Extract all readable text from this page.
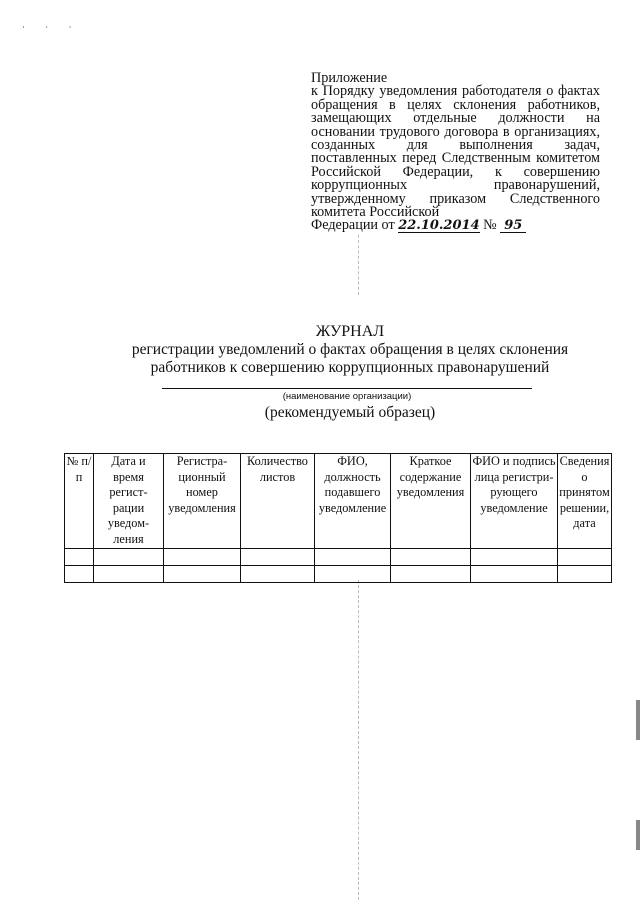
· · ·
Приложение
к Порядку уведомления работодателя о фактах обращения в целях склонения работников, замещающих отдельные должности на основании трудового договора в организациях, созданных для выполнения задач, поставленных перед Следственным комитетом Российской Федерации, к совершению коррупционных правонарушений, утвержденному приказом Следственного комитета Российской
Федерации от 22.10.2014 № 95
ЖУРНАЛ
регистрации уведомлений о фактах обращения в целях склонения
работников к совершению коррупционных правонарушений
(наименование организации)
(рекомендуемый образец)
№ п/п	Дата и время регист-рации уведом-ления	Регистра-ционный номер уведомления	Количество листов	ФИО, должность подавшего уведомление	Краткое содержание уведомления	ФИО и подпись лица регистри-рующего уведомление	Сведения о принятом решении, дата
